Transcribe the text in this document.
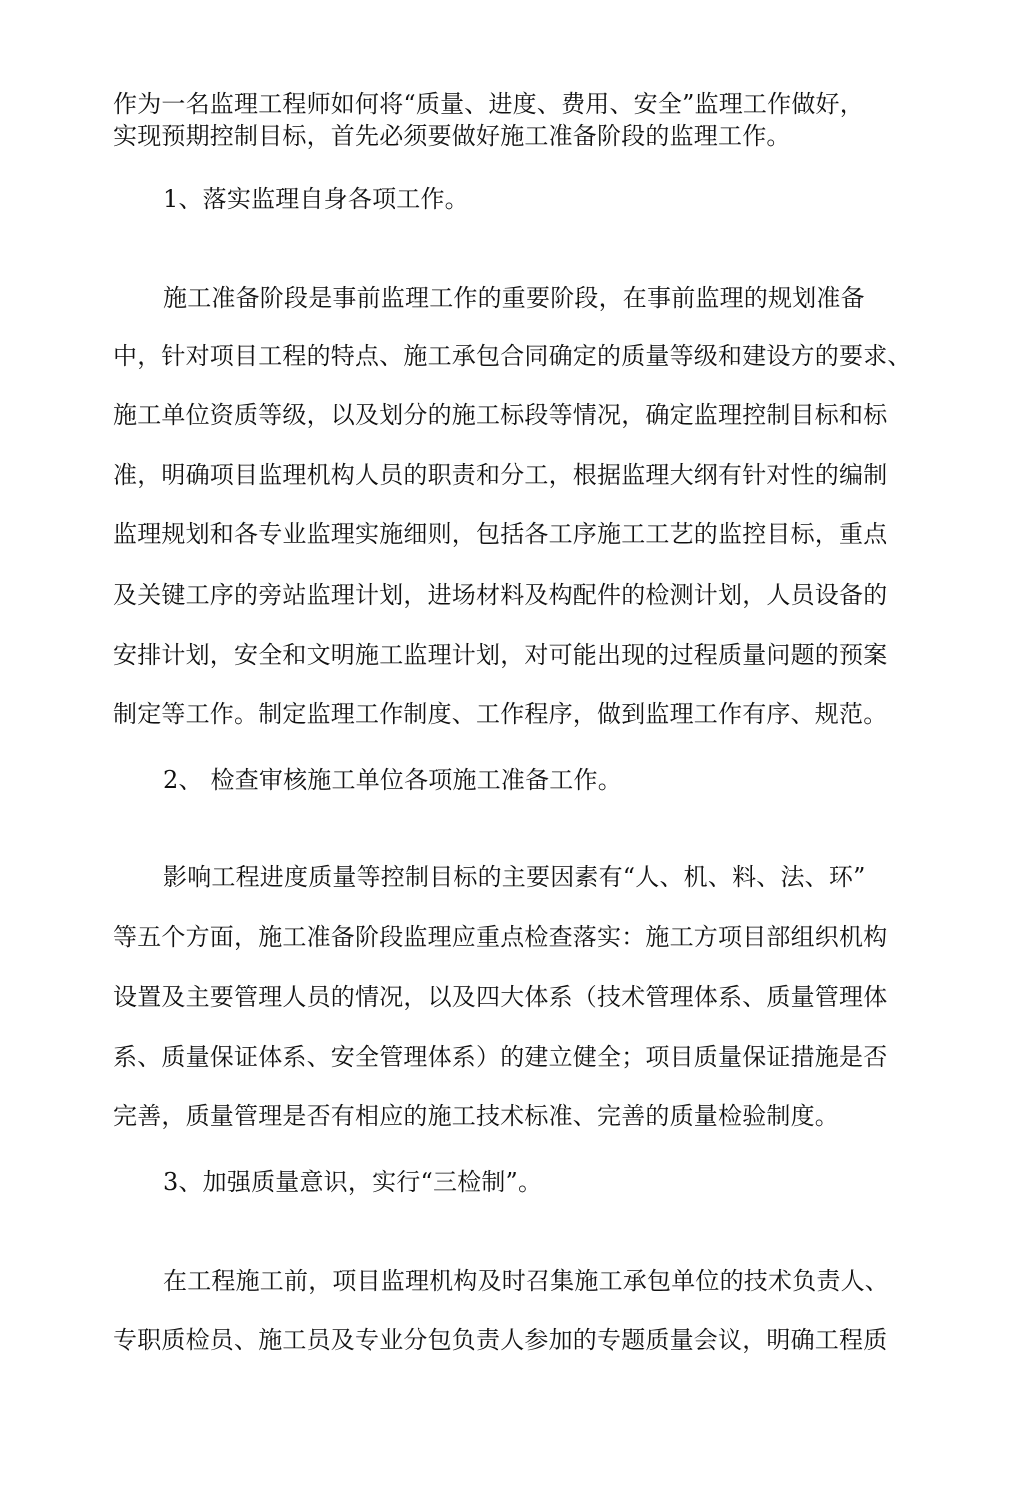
作为一名监理工程师如何将“质量、进度、费用、安全”监理工作做好，
实现预期控制目标，首先必须要做好施工准备阶段的监理工作。
1、落实监理自身各项工作。
施工准备阶段是事前监理工作的重要阶段，在事前监理的规划准备
中，针对项目工程的特点、施工承包合同确定的质量等级和建设方的要求、
施工单位资质等级，以及划分的施工标段等情况，确定监理控制目标和标
准，明确项目监理机构人员的职责和分工，根据监理大纲有针对性的编制
监理规划和各专业监理实施细则，包括各工序施工工艺的监控目标，重点
及关键工序的旁站监理计划，进场材料及构配件的检测计划，人员设备的
安排计划，安全和文明施工监理计划，对可能出现的过程质量问题的预案
制定等工作。制定监理工作制度、工作程序，做到监理工作有序、规范。
2、 检查审核施工单位各项施工准备工作。
影响工程进度质量等控制目标的主要因素有“人、机、料、法、环”
等五个方面，施工准备阶段监理应重点检查落实：施工方项目部组织机构
设置及主要管理人员的情况，以及四大体系（技术管理体系、质量管理体
系、质量保证体系、安全管理体系）的建立健全；项目质量保证措施是否
完善，质量管理是否有相应的施工技术标准、完善的质量检验制度。
3、加强质量意识，实行“三检制”。
在工程施工前，项目监理机构及时召集施工承包单位的技术负责人、
专职质检员、施工员及专业分包负责人参加的专题质量会议，明确工程质
